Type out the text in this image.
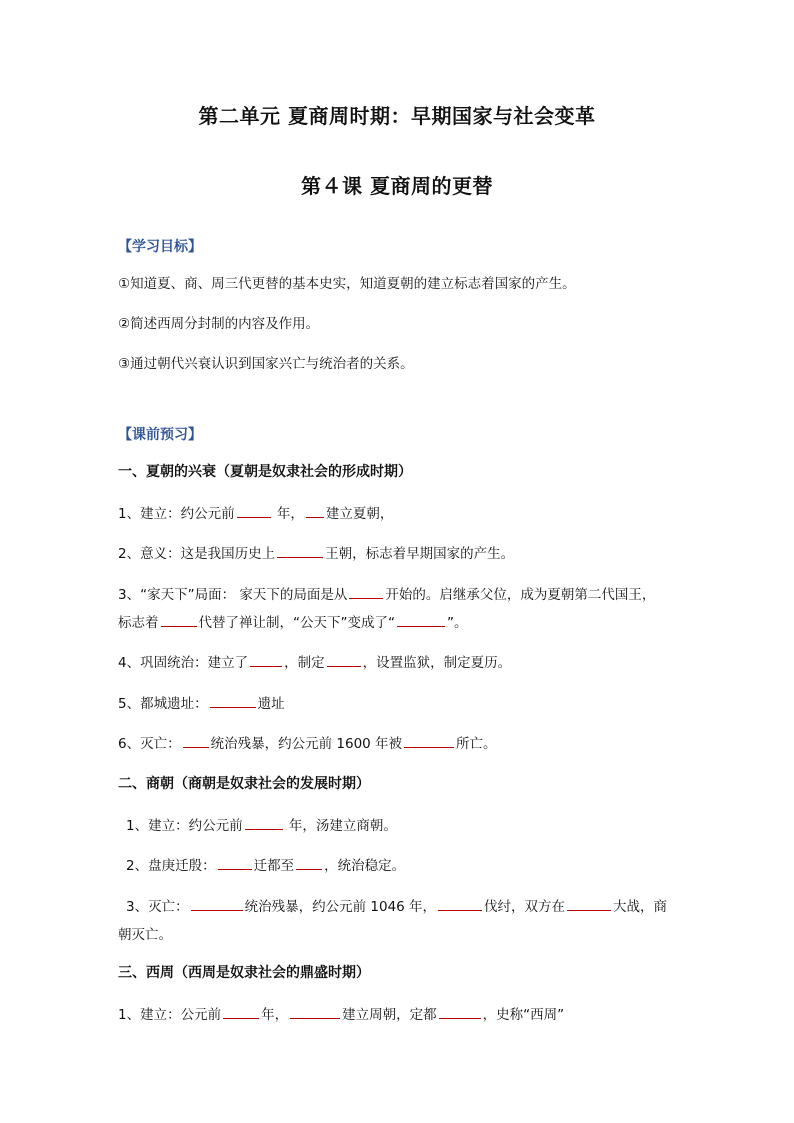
第二单元 夏商周时期：早期国家与社会变革
第４课 夏商周的更替
【学习目标】
①知道夏、商、周三代更替的基本史实，知道夏朝的建立标志着国家的产生。
②简述西周分封制的内容及作用。
③通过朝代兴衰认识到国家兴亡与统治者的关系。
【课前预习】
一、夏朝的兴衰（夏朝是奴隶社会的形成时期）
1、建立：约公元前	年， 建立夏朝，
2、意义：这是我国历史上	王朝，标志着早期国家的产生。
3、“家天下”局面： 家天下的局面是从	开始的。启继承父位，成为夏朝第二代国王，
标志着	代替了禅让制，“公天下”变成了“	”。
4、巩固统治：建立了	，制定	，设置监狱，制定夏历。
5、都城遗址：	遗址
6、灭亡： 统治残暴，约公元前 1600 年被	所亡。
二、商朝（商朝是奴隶社会的发展时期）
1、建立：约公元前	年，汤建立商朝。
2、盘庚迁殷：	迁都至 ，统治稳定。
3、灭亡：	统治残暴，约公元前 1046 年，	伐纣，双方在	大战，商
朝灭亡。
三、西周（西周是奴隶社会的鼎盛时期）
1、建立：公元前	年，	建立周朝，定都	，史称“西周”
